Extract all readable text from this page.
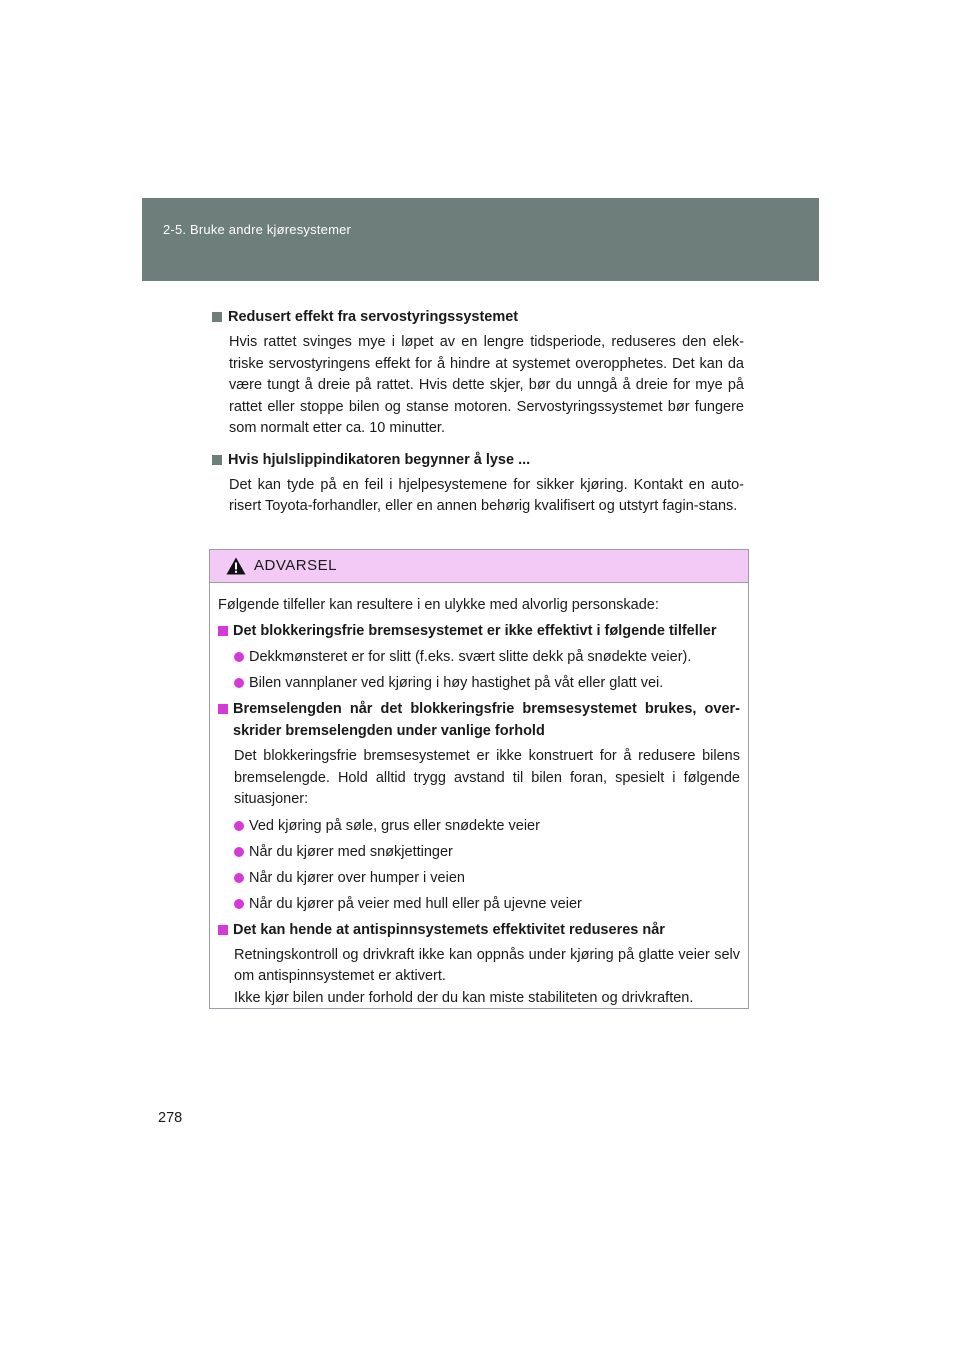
2-5. Bruke andre kjøresystemer
Redusert effekt fra servostyringssystemet

Hvis rattet svinges mye i løpet av en lengre tidsperiode, reduseres den elek-triske servostyringens effekt for å hindre at systemet overopphetes. Det kan da være tungt å dreie på rattet. Hvis dette skjer, bør du unngå å dreie for mye på rattet eller stoppe bilen og stanse motoren. Servostyringssystemet bør fungere som normalt etter ca. 10 minutter.

Hvis hjulslippindikatoren begynner å lyse ...

Det kan tyde på en feil i hjelpesystemene for sikker kjøring. Kontakt en auto-risert Toyota-forhandler, eller en annen behørig kvalifisert og utstyrt fagin-stans.

ADVARSEL
Følgende tilfeller kan resultere i en ulykke med alvorlig personskade:
Det blokkeringsfrie bremsesystemet er ikke effektivt i følgende tilfeller
Dekkmønsteret er for slitt (f.eks. svært slitte dekk på snødekte veier).
Bilen vannplaner ved kjøring i høy hastighet på våt eller glatt vei.
Bremselengden når det blokkeringsfrie bremsesystemet brukes, over-skrider bremselengden under vanlige forhold
Det blokkeringsfrie bremsesystemet er ikke konstruert for å redusere bilens bremselengde. Hold alltid trygg avstand til bilen foran, spesielt i følgende situasjoner:
Ved kjøring på søle, grus eller snødekte veier
Når du kjører med snøkjettinger
Når du kjører over humper i veien
Når du kjører på veier med hull eller på ujevne veier
Det kan hende at antispinnsystemets effektivitet reduseres når
Retningskontroll og drivkraft ikke kan oppnås under kjøring på glatte veier selv om antispinnsystemet er aktivert.
Ikke kjør bilen under forhold der du kan miste stabiliteten og drivkraften.
278
